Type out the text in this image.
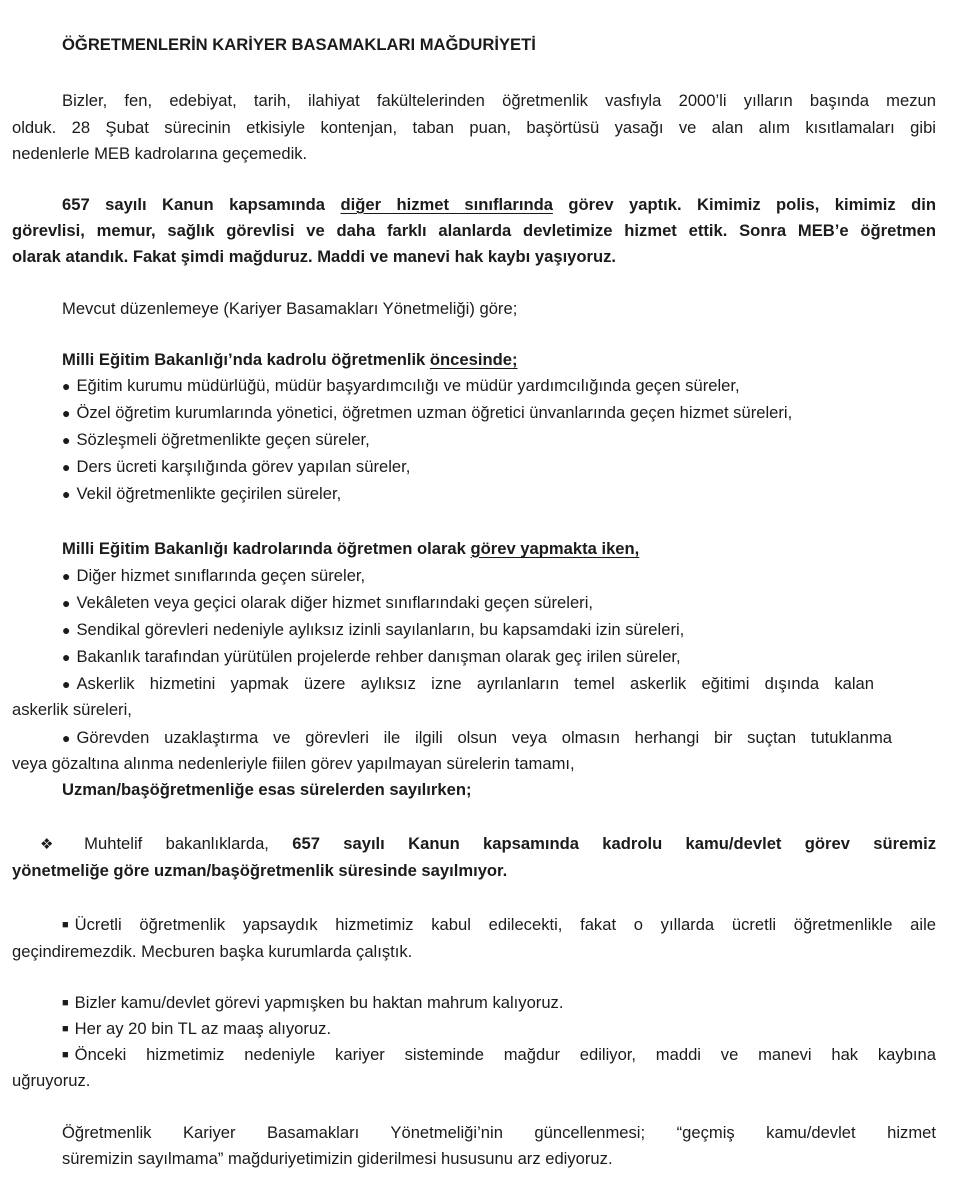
ÖĞRETMENLERİN KARİYER BASAMAKLARI MAĞDURİYETİ
Bizler, fen, edebiyat, tarih, ilahiyat fakültelerinden öğretmenlik vasfıyla 2000’li yılların başında mezun
olduk. 28 Şubat sürecinin etkisiyle kontenjan, taban puan, başörtüsü yasağı ve alan alım kısıtlamaları gibi
nedenlerle MEB kadrolarına geçemedik.
657 sayılı Kanun kapsamında diğer hizmet sınıflarında görev yaptık. Kimimiz polis, kimimiz din
görevlisi, memur, sağlık görevlisi ve daha farklı alanlarda devletimize hizmet ettik. Sonra MEB’e öğretmen
olarak atandık. Fakat şimdi mağduruz. Maddi ve manevi hak kaybı yaşıyoruz.
Mevcut düzenlemeye (Kariyer Basamakları Yönetmeliği) göre;
Milli Eğitim Bakanlığı’nda kadrolu öğretmenlik öncesinde;
● Eğitim kurumu müdürlüğü, müdür başyardımcılığı ve müdür yardımcılığında geçen süreler,
● Özel öğretim kurumlarında yönetici, öğretmen uzman öğretici ünvanlarında geçen hizmet süreleri,
● Sözleşmeli öğretmenlikte geçen süreler,
● Ders ücreti karşılığında görev yapılan süreler,
● Vekil öğretmenlikte geçirilen süreler,
Milli Eğitim Bakanlığı kadrolarında öğretmen olarak görev yapmakta iken,
● Diğer hizmet sınıflarında geçen süreler,
● Vekâleten veya geçici olarak diğer hizmet sınıflarındaki geçen süreleri,
● Sendikal görevleri nedeniyle aylıksız izinli sayılanların, bu kapsamdaki izin süreleri,
● Bakanlık tarafından yürütülen projelerde rehber danışman olarak geç irilen süreler,
● Askerlik hizmetini yapmak üzere aylıksız izne ayrılanların temel askerlik eğitimi dışında kalan
askerlik süreleri,
● Görevden uzaklaştırma ve görevleri ile ilgili olsun veya olmasın herhangi bir suçtan tutuklanma
veya gözaltına alınma nedenleriyle fiilen görev yapılmayan sürelerin tamamı,
Uzman/başöğretmenliğe esas sürelerden sayılırken;
❖ Muhtelif bakanlıklarda, 657 sayılı Kanun kapsamında kadrolu kamu/devlet görev süremiz
yönetmeliğe göre uzman/başöğretmenlik süresinde sayılmıyor.
■ Ücretli öğretmenlik yapsaydık hizmetimiz kabul edilecekti, fakat o yıllarda ücretli öğretmenlikle aile
geçindiremezdik. Mecburen başka kurumlarda çalıştık.
■ Bizler kamu/devlet görevi yapmışken bu haktan mahrum kalıyoruz.
■ Her ay 20 bin TL az maaş alıyoruz.
■ Önceki hizmetimiz nedeniyle kariyer sisteminde mağdur ediliyor, maddi ve manevi hak kaybına
uğruyoruz.
Öğretmenlik Kariyer Basamakları Yönetmeliği’nin güncellenmesi; “geçmiş kamu/devlet hizmet
süremizin sayılmama” mağduriyetimizin giderilmesi hususunu arz ediyoruz.
